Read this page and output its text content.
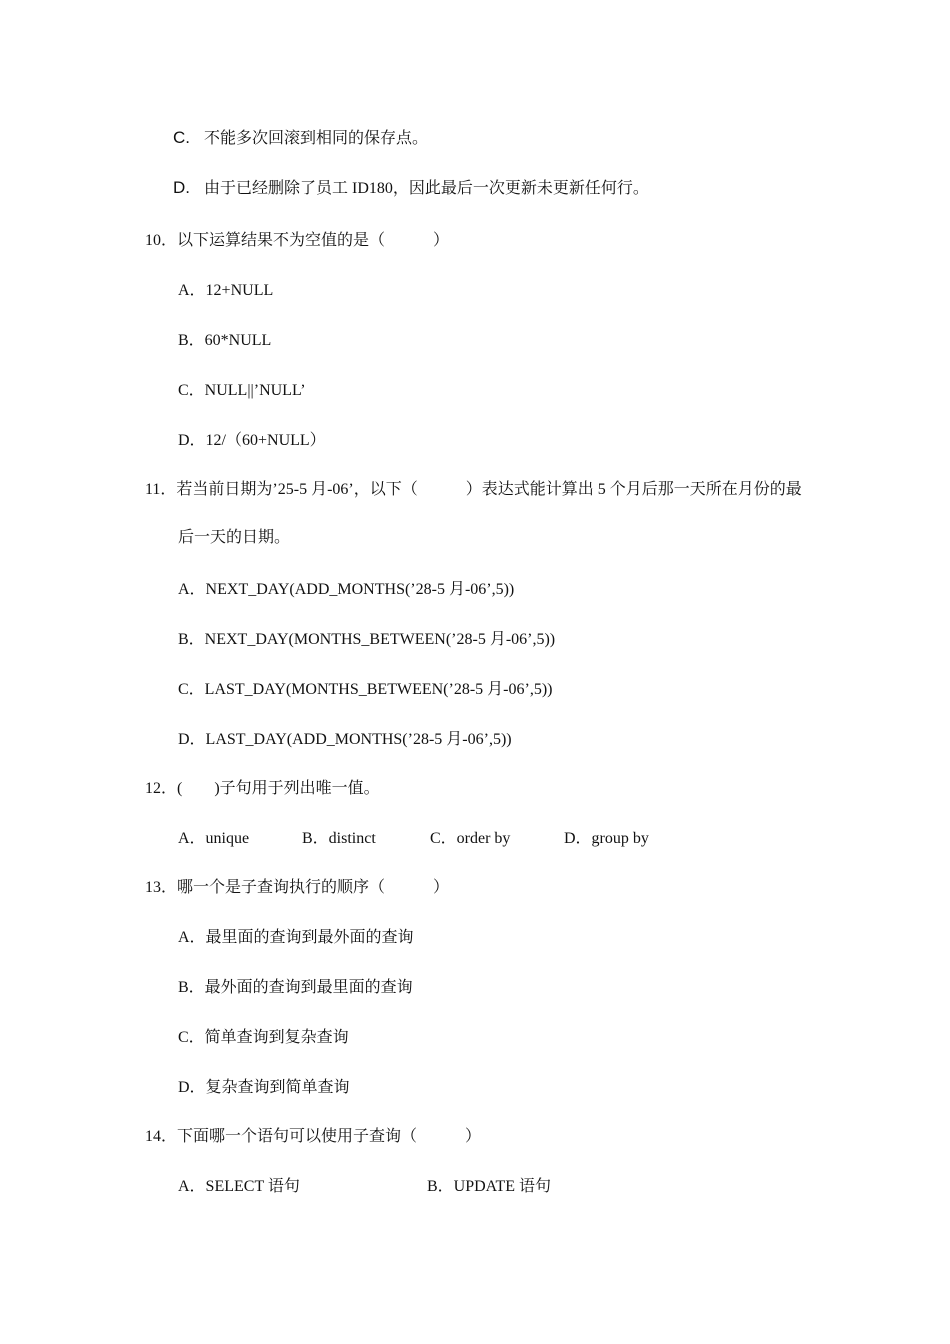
C. 不能多次回滚到相同的保存点。
D. 由于已经删除了员工 ID180，因此最后一次更新未更新任何行。
10．以下运算结果不为空值的是（　　　）
A．12+NULL
B．60*NULL
C．NULL||’NULL’
D．12/（60+NULL）
11．若当前日期为’25-5 月-06’，以下（　　　）表达式能计算出 5 个月后那一天所在月份的最
后一天的日期。
A．NEXT_DAY(ADD_MONTHS(’28-5 月-06’,5))
B．NEXT_DAY(MONTHS_BETWEEN(’28-5 月-06’,5))
C．LAST_DAY(MONTHS_BETWEEN(’28-5 月-06’,5))
D．LAST_DAY(ADD_MONTHS(’28-5 月-06’,5))
12．(　　)子句用于列出唯一值。
A．unique	B．distinct	C．order by	D．group by
13．哪一个是子查询执行的顺序（　　　）
A．最里面的查询到最外面的查询
B．最外面的查询到最里面的查询
C．简单查询到复杂查询
D．复杂查询到简单查询
14．下面哪一个语句可以使用子查询（　　　）
A．SELECT 语句	B．UPDATE 语句
